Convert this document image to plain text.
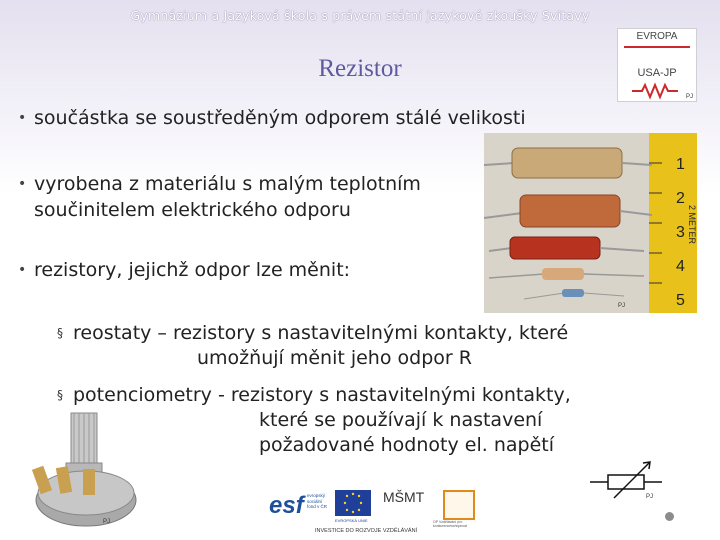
Gymnázium a Jazyková škola s právem státní jazykové zkoušky Svitavy
Rezistor
EVROPA
USA-JP
PJ
• součástka se soustředěným odporem stálé velikosti
• vyrobena z materiálu s malým teplotním
součinitelem elektrického odporu
• rezistory, jejichž odpor lze měnit:
1
2
3
4
5
2 METER
PJ
§ reostaty – rezistory s nastavitelnými kontakty, které
umožňují měnit jeho odpor R
§ potenciometry - rezistory s nastavitelnými kontakty,
které se používají k nastavení
požadované hodnoty el. napětí
PJ
esf evropský sociální fond v ČR
EVROPSKÁ UNIE
MŠMT
OP Vzdělávání pro konkurenceschopnost
INVESTICE DO ROZVOJE VZDĚLÁVÁNÍ
PJ
